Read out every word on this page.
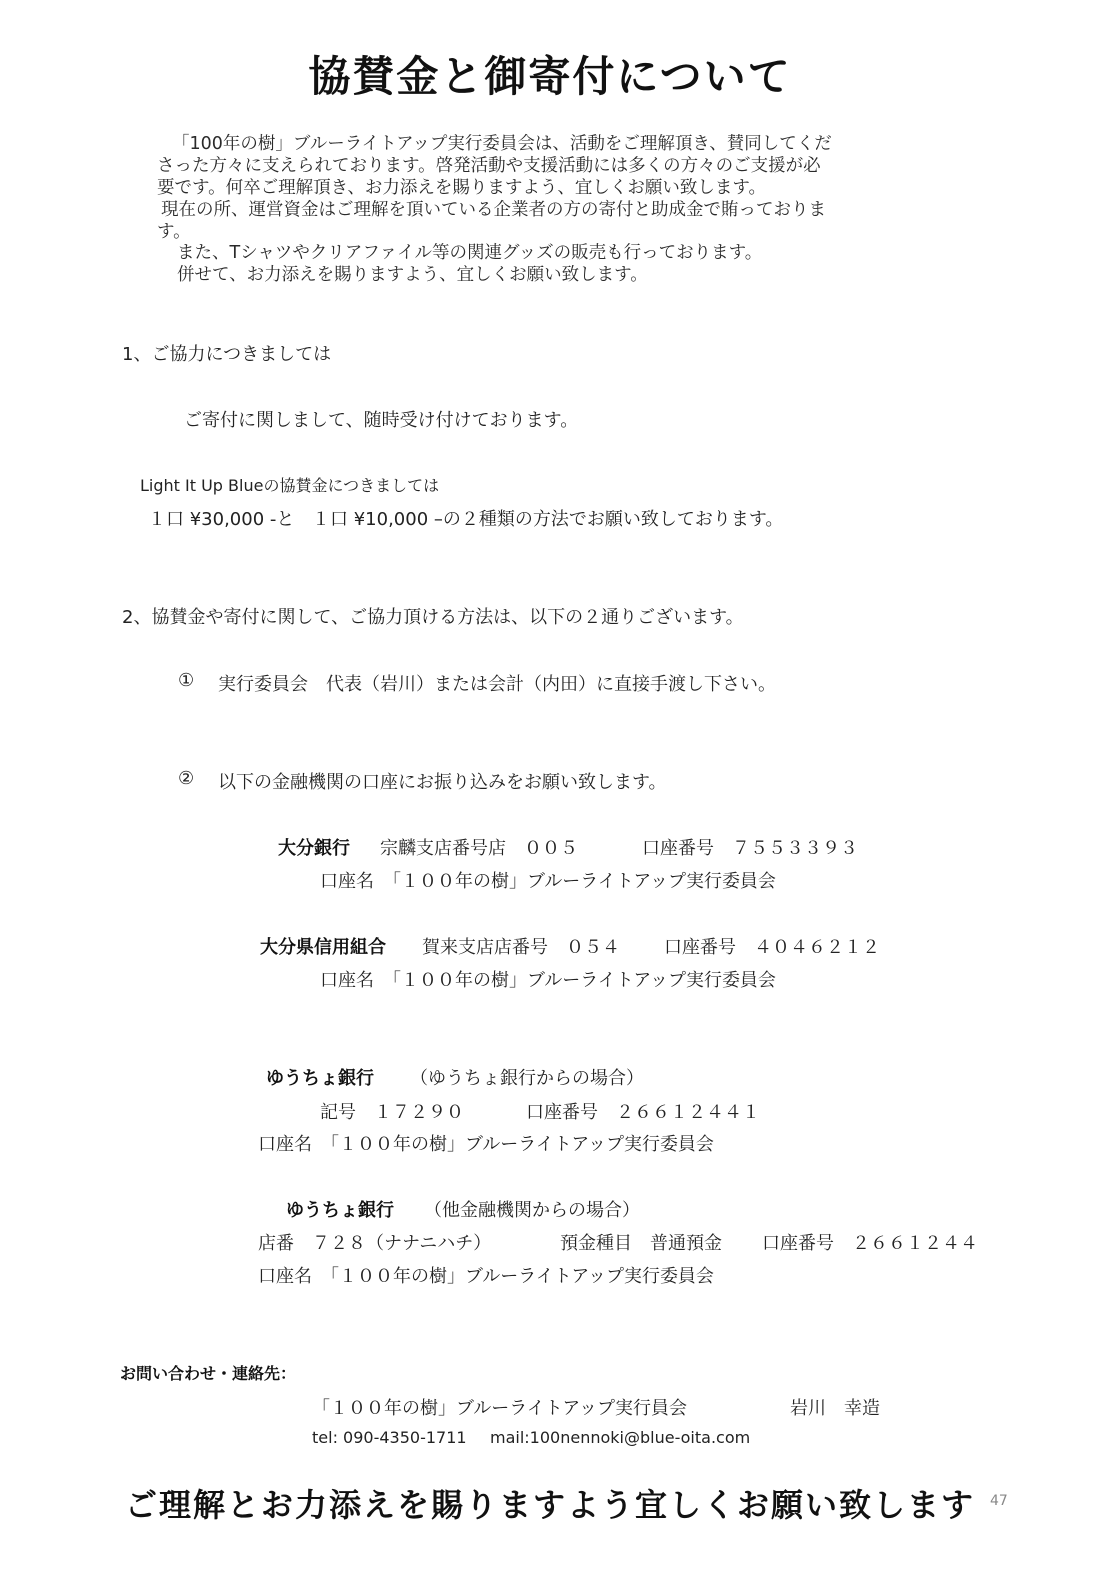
協賛金と御寄付について
「100年の樹」ブルーライトアップ実行委員会は、活動をご理解頂き、賛同してくだ
さった方々に支えられております。啓発活動や支援活動には多くの方々のご支援が必
要です。何卒ご理解頂き、お力添えを賜りますよう、宜しくお願い致します。
現在の所、運営資金はご理解を頂いている企業者の方の寄付と助成金で賄っておりま
す。
また、Tシャツやクリアファイル等の関連グッズの販売も行っております。
併せて、お力添えを賜りますよう、宜しくお願い致します。
1、ご協力につきましては
ご寄付に関しまして、随時受け付けております。
Light It Up Blueの協賛金につきましては
１口 ¥30,000 -と １口 ¥10,000 –の２種類の方法でお願い致しております。
2、協賛金や寄付に関して、ご協力頂ける方法は、以下の２通りございます。
① 実行委員会　代表（岩川）または会計（内田）に直接手渡し下さい。
② 以下の金融機関の口座にお振り込みをお願い致します。
大分銀行 宗麟支店番号店　００５	口座番号　７５５３３９３
口座名　「１００年の樹」ブルーライトアップ実行委員会
大分県信用組合 賀来支店店番号　０５４ 口座番号　４０４６２１２
口座名　「１００年の樹」ブルーライトアップ実行委員会
ゆうちょ銀行 （ゆうちょ銀行からの場合）
記号　１７２９０	口座番号　２６６１２４４１
口座名　「１００年の樹」ブルーライトアップ実行委員会
ゆうちょ銀行 （他金融機関からの場合）
店番　７２８（ナナニハチ）	預金種目　普通預金 口座番号　２６６１２４４
口座名　「１００年の樹」ブルーライトアップ実行委員会
お問い合わせ・連絡先：
「１００年の樹」ブルーライトアップ実行員会	岩川　幸造
tel: 090-4350-1711 mail:100nennoki@blue-oita.com
ご理解とお力添えを賜りますよう宜しくお願い致します	47
